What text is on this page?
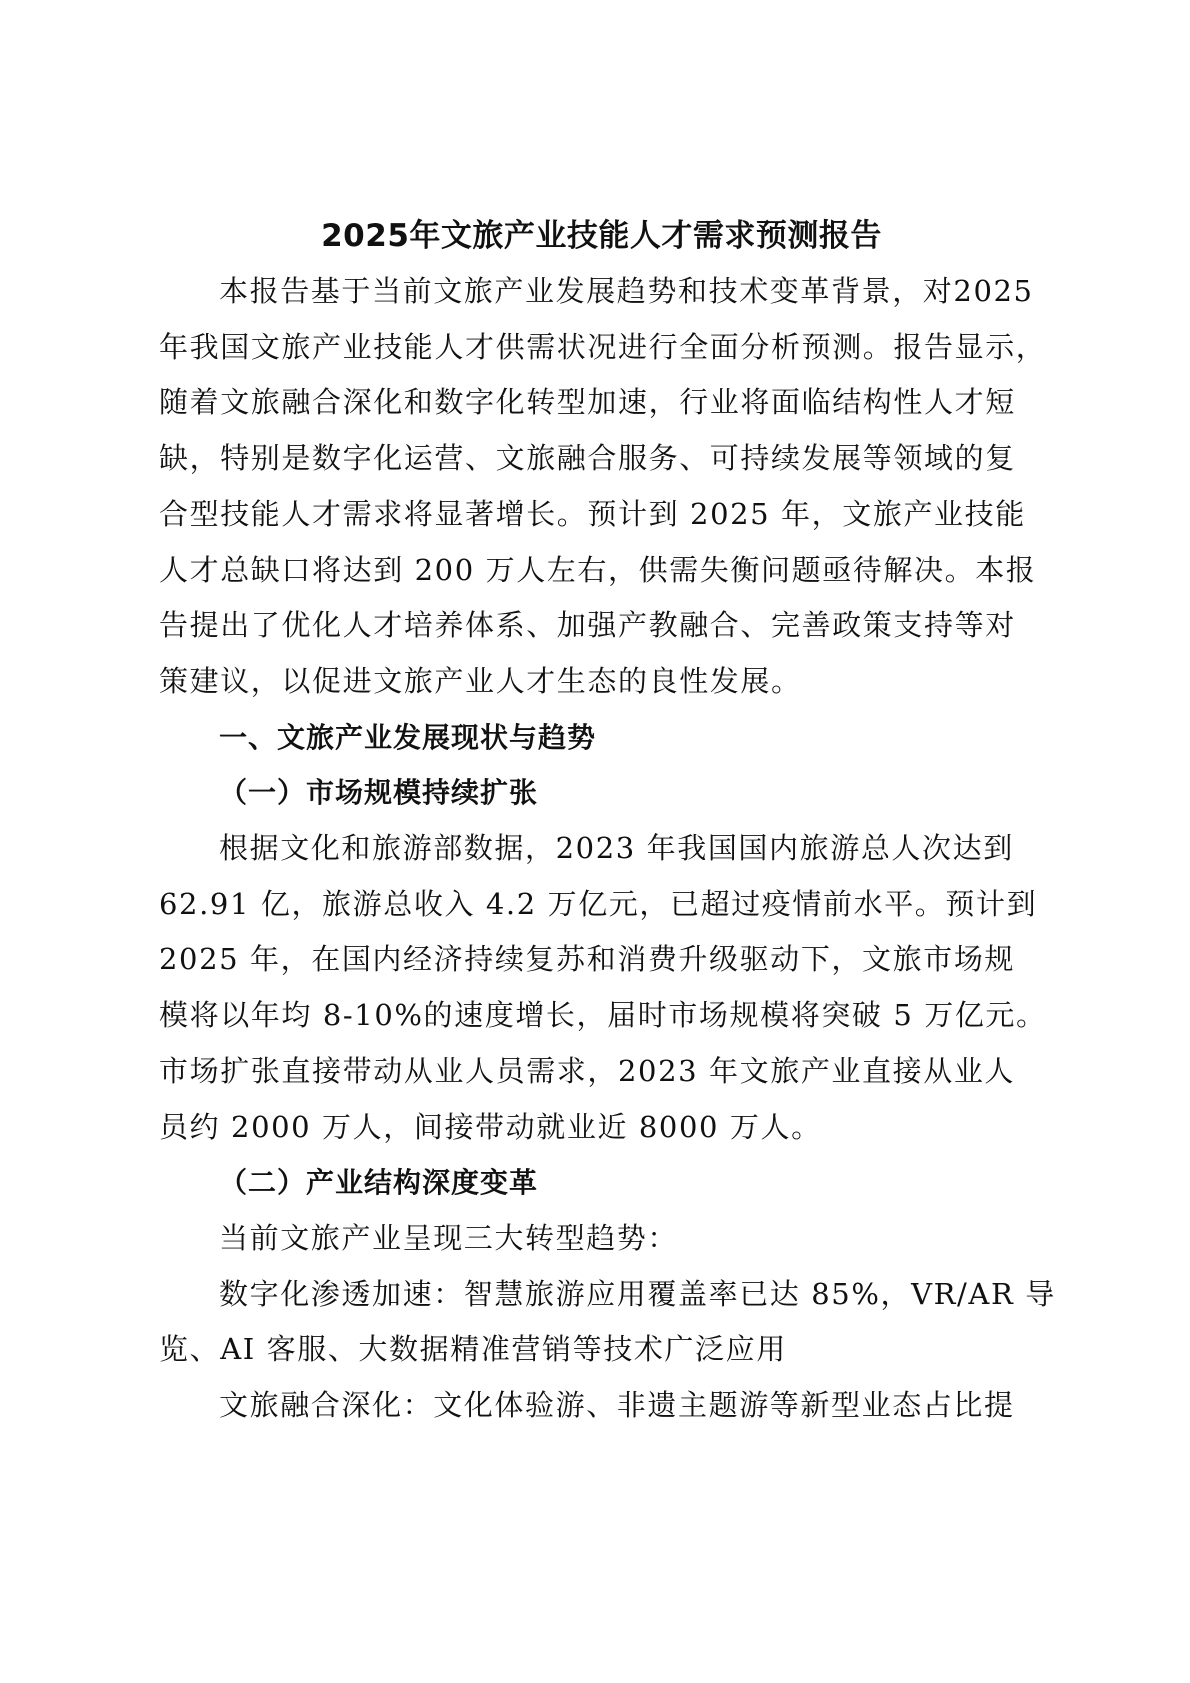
2025年文旅产业技能人才需求预测报告
本报告基于当前文旅产业发展趋势和技术变革背景，对2025
年我国文旅产业技能人才供需状况进行全面分析预测。报告显示，
随着文旅融合深化和数字化转型加速，行业将面临结构性人才短
缺，特别是数字化运营、文旅融合服务、可持续发展等领域的复
合型技能人才需求将显著增长。预计到 2025 年，文旅产业技能
人才总缺口将达到 200 万人左右，供需失衡问题亟待解决。本报
告提出了优化人才培养体系、加强产教融合、完善政策支持等对
策建议，以促进文旅产业人才生态的良性发展。
一、文旅产业发展现状与趋势
（一）市场规模持续扩张
根据文化和旅游部数据，2023 年我国国内旅游总人次达到
62.91 亿，旅游总收入 4.2 万亿元，已超过疫情前水平。预计到
2025 年，在国内经济持续复苏和消费升级驱动下，文旅市场规
模将以年均 8-10%的速度增长，届时市场规模将突破 5 万亿元。
市场扩张直接带动从业人员需求，2023 年文旅产业直接从业人
员约 2000 万人，间接带动就业近 8000 万人。
（二）产业结构深度变革
当前文旅产业呈现三大转型趋势：
数字化渗透加速：智慧旅游应用覆盖率已达 85%，VR/AR 导
览、AI 客服、大数据精准营销等技术广泛应用
文旅融合深化：文化体验游、非遗主题游等新型业态占比提
